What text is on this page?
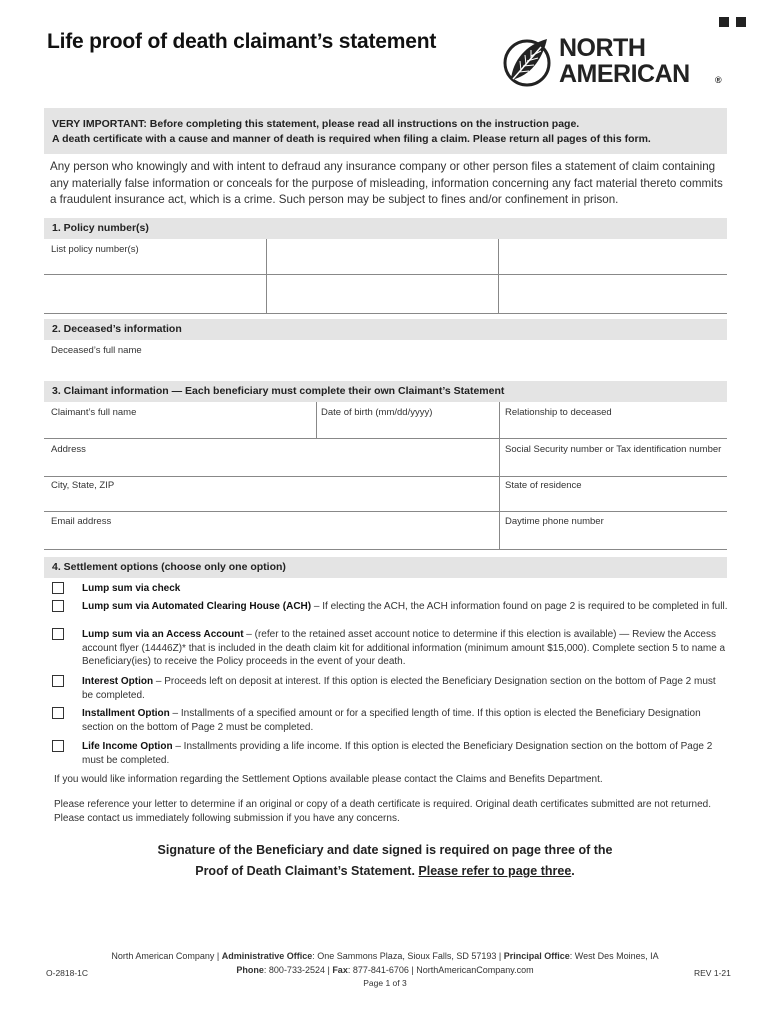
Life proof of death claimant’s statement	NORTH
AMERICAN	®
VERY IMPORTANT: Before completing this statement, please read all instructions on the instruction page.
A death certificate with a cause and manner of death is required when filing a claim. Please return all pages of this form.
Any person who knowingly and with intent to defraud any insurance company or other person files a statement of claim containing any materially false information or conceals for the purpose of misleading, information concerning any fact material thereto commits a fraudulent insurance act, which is a crime. Such person may be subject to fines and/or confinement in prison.
1. Policy number(s)
List policy number(s)
2. Deceased’s information
Deceased’s full name
3. Claimant information — Each beneficiary must complete their own Claimant’s Statement
Claimant’s full name	Date of birth (mm/dd/yyyy)	Relationship to deceased
Address	Social Security number or Tax identification number
City, State, ZIP	State of residence
Email address	Daytime phone number
4. Settlement options (choose only one option)
Lump sum via check
Lump sum via Automated Clearing House (ACH) – If electing the ACH, the ACH information found on page 2 is required to be completed in full.
Lump sum via an Access Account – (refer to the retained asset account notice to determine if this election is available) — Review the Access account flyer (14446Z)* that is included in the death claim kit for additional information (minimum amount $15,000). Complete section 5 to name a Beneficiary(ies) to receive the Policy proceeds in the event of your death.
Interest Option – Proceeds left on deposit at interest. If this option is elected the Beneficiary Designation section on the bottom of Page 2 must be completed.
Installment Option – Installments of a specified amount or for a specified length of time. If this option is elected the Beneficiary Designation section on the bottom of Page 2 must be completed.
Life Income Option – Installments providing a life income. If this option is elected the Beneficiary Designation section on the bottom of Page 2 must be completed.
If you would like information regarding the Settlement Options available please contact the Claims and Benefits Department.
Please reference your letter to determine if an original or copy of a death certificate is required. Original death certificates submitted are not returned.
Please contact us immediately following submission if you have any concerns.
Signature of the Beneficiary and date signed is required on page three of the
Proof of Death Claimant’s Statement. Please refer to page three.
North American Company | Administrative Office: One Sammons Plaza, Sioux Falls, SD 57193 | Principal Office: West Des Moines, IA
Phone: 800-733-2524 | Fax: 877-841-6706 | NorthAmericanCompany.com
Page 1 of 3
O-2818-1C	REV 1-21
